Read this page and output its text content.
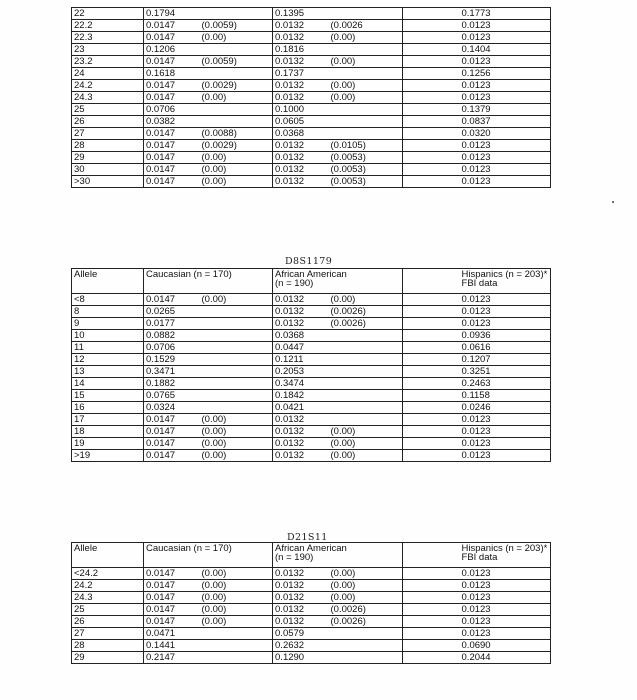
22	0.1794		0.1395			0.1773
22.2	0.0147	(0.0059)	0.0132	(0.0026		0.0123
22.3	0.0147	(0.00)	0.0132	(0.00)		0.0123
23	0.1206		0.1816			0.1404
23.2	0.0147	(0.0059)	0.0132	(0.00)		0.0123
24	0.1618		0.1737			0.1256
24.2	0.0147	(0.0029)	0.0132	(0.00)		0.0123
24.3	0.0147	(0.00)	0.0132	(0.00)		0.0123
25	0.0706		0.1000			0.1379
26	0.0382		0.0605			0.0837
27	0.0147	(0.0088)	0.0368			0.0320
28	0.0147	(0.0029)	0.0132	(0.0105)		0.0123
29	0.0147	(0.00)	0.0132	(0.0053)		0.0123
30	0.0147	(0.00)	0.0132	(0.0053)		0.0123
>30	0.0147	(0.00)	0.0132	(0.0053)		0.0123
D8S1179
Allele	Caucasian (n = 170)		African American
(n = 190)			Hispanics (n = 203)*
FBI data
<8	0.0147	(0.00)	0.0132	(0.00)		0.0123
8	0.0265		0.0132	(0.0026)		0.0123
9	0.0177		0.0132	(0.0026)		0.0123
10	0.0882		0.0368			0.0936
11	0.0706		0.0447			0.0616
12	0.1529		0.1211			0.1207
13	0.3471		0.2053			0.3251
14	0.1882		0.3474			0.2463
15	0.0765		0.1842			0.1158
16	0.0324		0.0421			0.0246
17	0.0147	(0.00)	0.0132			0.0123
18	0.0147	(0.00)	0.0132	(0.00)		0.0123
19	0.0147	(0.00)	0.0132	(0.00)		0.0123
>19	0.0147	(0.00)	0.0132	(0.00)		0.0123
D21S11
Allele	Caucasian (n = 170)		African American
(n = 190)			Hispanics (n = 203)*
FBI data
<24.2	0.0147	(0.00)	0.0132	(0.00)		0.0123
24.2	0.0147	(0.00)	0.0132	(0.00)		0.0123
24.3	0.0147	(0.00)	0.0132	(0.00)		0.0123
25	0.0147	(0.00)	0.0132	(0.0026)		0.0123
26	0.0147	(0.00)	0.0132	(0.0026)		0.0123
27	0.0471		0.0579			0.0123
28	0.1441		0.2632			0.0690
29	0.2147		0.1290			0.2044
